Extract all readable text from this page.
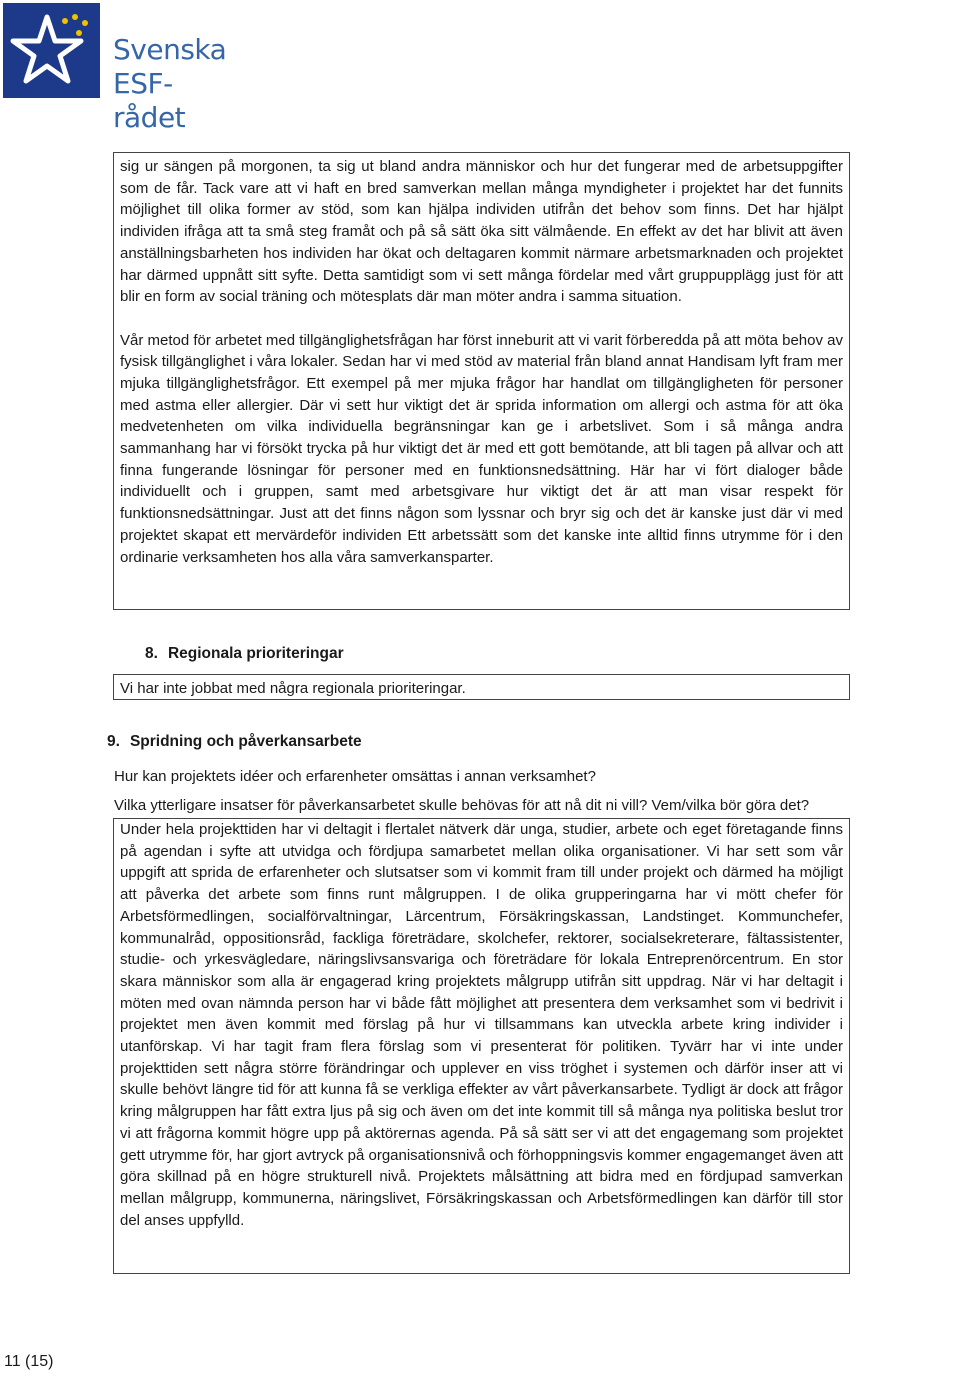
Svenska
ESF-rådet

sig ur sängen på morgonen, ta sig ut bland andra människor och hur det fungerar med de arbetsuppgifter som de får. Tack vare att vi haft en bred samverkan mellan många myndigheter i projektet har det funnits möjlighet till olika former av stöd, som kan hjälpa individen utifrån det behov som finns. Det har hjälpt individen ifråga att ta små steg framåt och på så sätt öka sitt välmående. En effekt av det har blivit att även anställningsbarheten hos individen har ökat och deltagaren kommit närmare arbetsmarknaden och projektet har därmed uppnått sitt syfte. Detta samtidigt som vi sett många fördelar med vårt gruppupplägg just för att blir en form av social träning och mötesplats där man möter andra i samma situation.

Vår metod för arbetet med tillgänglighetsfrågan har först inneburit att vi varit förberedda på att möta behov av fysisk tillgänglighet i våra lokaler. Sedan har vi med stöd av material från bland annat Handisam lyft fram mer mjuka tillgänglighetsfrågor. Ett exempel på mer mjuka frågor har handlat om tillgängligheten för personer med astma eller allergier. Där vi sett hur viktigt det är sprida information om allergi och astma för att öka medvetenheten om vilka individuella begränsningar kan ge i arbetslivet. Som i så många andra sammanhang har vi försökt trycka på hur viktigt det är med ett gott bemötande, att bli tagen på allvar och att finna fungerande lösningar för personer med en funktionsnedsättning. Här har vi fört dialoger både individuellt och i gruppen, samt med arbetsgivare hur viktigt det är att man visar respekt för funktionsnedsättningar. Just att det finns någon som lyssnar och bryr sig och det är kanske just där vi med projektet skapat ett mervärdeför individen Ett arbetssätt som det kanske inte alltid finns utrymme för i den ordinarie verksamheten hos alla våra samverkansparter.

8. Regionala prioriteringar

Vi har inte jobbat med några regionala prioriteringar.

9. Spridning och påverkansarbete
Hur kan projektets idéer och erfarenheter omsättas i annan verksamhet?
Vilka ytterligare insatser för påverkansarbetet skulle behövas för att nå dit ni vill? Vem/vilka bör göra det?

Under hela projekttiden har vi deltagit i flertalet nätverk där unga, studier, arbete och eget företagande finns på agendan i syfte att utvidga och fördjupa samarbetet mellan olika organisationer. Vi har sett som vår uppgift att sprida de erfarenheter och slutsatser som vi kommit fram till under projekt och därmed ha möjligt att påverka det arbete som finns runt målgruppen. I de olika grupperingarna har vi mött chefer för Arbetsförmedlingen, socialförvaltningar, Lärcentrum, Försäkringskassan, Landstinget. Kommunchefer, kommunalråd, oppositionsråd, fackliga företrädare, skolchefer, rektorer, socialsekreterare, fältassistenter, studie- och yrkesvägledare, näringslivsansvariga och företrädare för lokala Entreprenörcentrum. En stor skara människor som alla är engagerad kring projektets målgrupp utifrån sitt uppdrag. När vi har deltagit i möten med ovan nämnda person har vi både fått möjlighet att presentera dem verksamhet som vi bedrivit i projektet men även kommit med förslag på hur vi tillsammans kan utveckla arbete kring individer i utanförskap. Vi har tagit fram flera förslag som vi presenterat för politiken. Tyvärr har vi inte under projekttiden sett några större förändringar och upplever en viss tröghet i systemen och därför inser att vi skulle behövt längre tid för att kunna få se verkliga effekter av vårt påverkansarbete. Tydligt är dock att frågor kring målgruppen har fått extra ljus på sig och även om det inte kommit till så många nya politiska beslut tror vi att frågorna kommit högre upp på aktörernas agenda. På så sätt ser vi att det engagemang som projektet gett utrymme för, har gjort avtryck på organisationsnivå och förhoppningsvis kommer engagemanget även att göra skillnad på en högre strukturell nivå. Projektets målsättning att bidra med en fördjupad samverkan mellan målgrupp, kommunerna, näringslivet, Försäkringskassan och Arbetsförmedlingen kan därför till stor del anses uppfylld.

11 (15)
